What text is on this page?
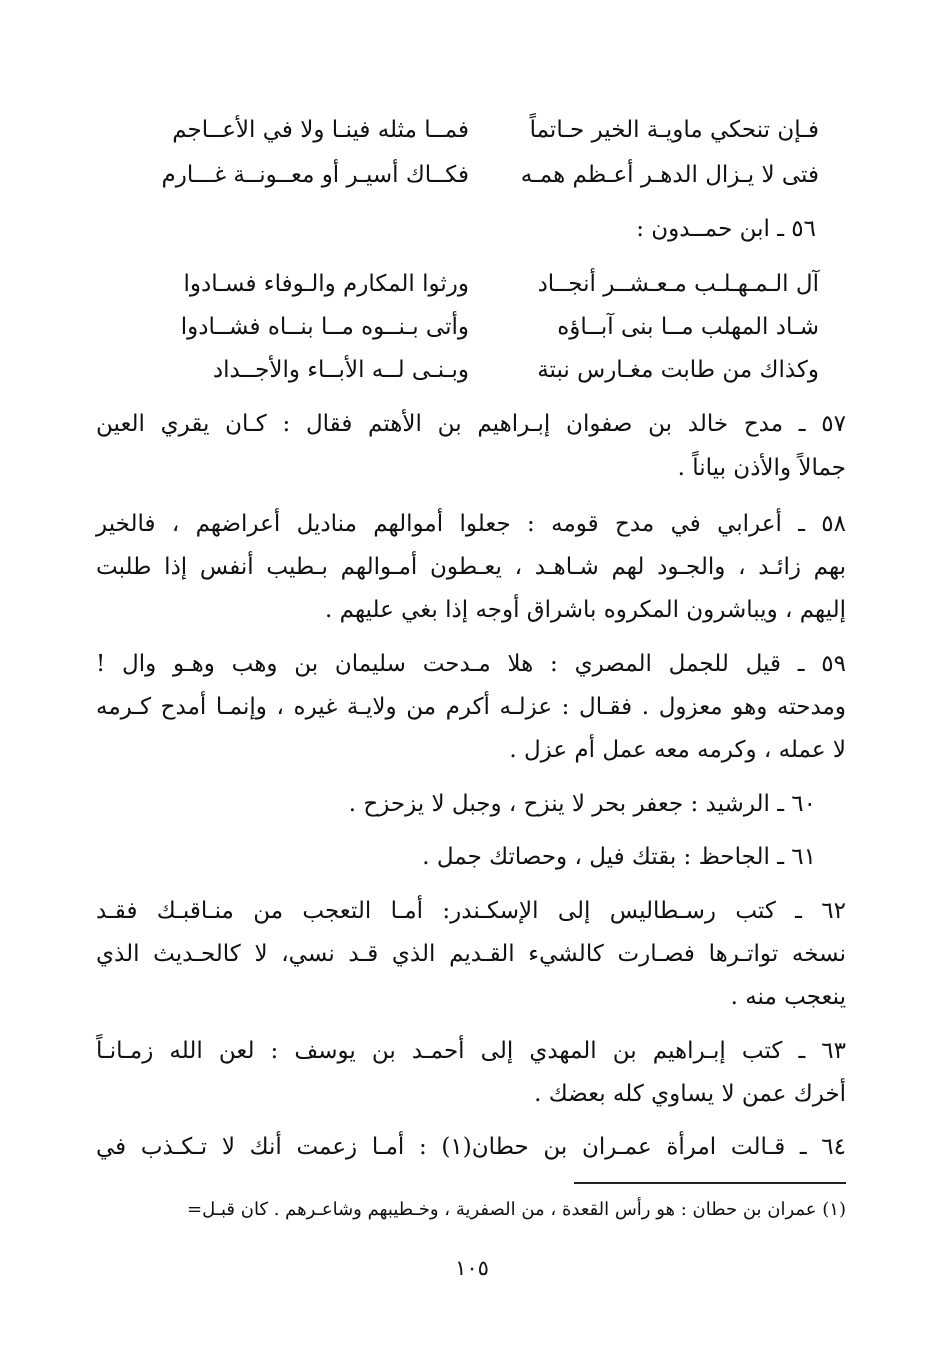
فـإن تنحكي ماويـة الخير حـاتماً
فمــا مثله فينـا ولا في الأعــاجم
فتى لا يـزال الدهـر أعـظم همـه
فكــاك أسيـر أو معــونــة غـــارم
٥٦ ـ ابن حمــدون :
آل الـمـهـلـب مـعـشــر أنجــاد
ورثوا المكارم والـوفاء فسـادوا
شـاد المهلب مــا بنى آبــاؤه
وأتى بـنــوه مــا بنــاه فشــادوا
وكذاك من طابت مغـارس نبتة
وبـنـى لــه الأبــاء والأجــداد
٥٧ ـ مدح خالد بن صفوان إبـراهيم بن الأهتم فقال : كـان يقري العين
جمالاً والأذن بياناً .
٥٨ ـ أعرابي في مدح قومه : جعلوا أموالهم مناديل أعراضهم ، فالخير
بهم زائـد ، والجـود لهم شـاهـد ، يعـطون أمـوالهم بـطيب أنفس إذا طلبت
إليهم ، ويباشرون المكروه باشراق أوجه إذا بغي عليهم .
٥٩ ـ قيل للجمل المصري : هلا مـدحت سليمان بن وهب وهـو وال !
ومدحته وهو معزول . فقـال : عزلـه أكرم من ولايـة غيره ، وإنمـا أمدح كـرمه
لا عمله ، وكرمه معه عمل أم عزل .
٦٠ ـ الرشيد : جعفر بحر لا ينزح ، وجبل لا يزحزح .
٦١ ـ الجاحظ : بقتك فيل ، وحصاتك جمل .
٦٢ ـ كتب رسـطاليس إلى الإسكـندر: أمـا التعجب من منـاقبـك فقـد
نسخه تواتـرها فصـارت كالشيء القـديم الذي قـد نسي، لا كالحـديث الذي
ينعجب منه .
٦٣ ـ كتب إبـراهيم بن المهدي إلى أحمـد بن يوسف : لعن الله زمـانـاً
أخرك عمن لا يساوي كله بعضك .
٦٤ ـ قـالت امرأة عمـران بن حطان(١) : أمـا زعمت أنك لا تـكـذب في
(١) عمران بن حطان : هو رأس القعدة ، من الصفرية ، وخـطيبهم وشاعـرهم . كان قبـل=
١٠٥
